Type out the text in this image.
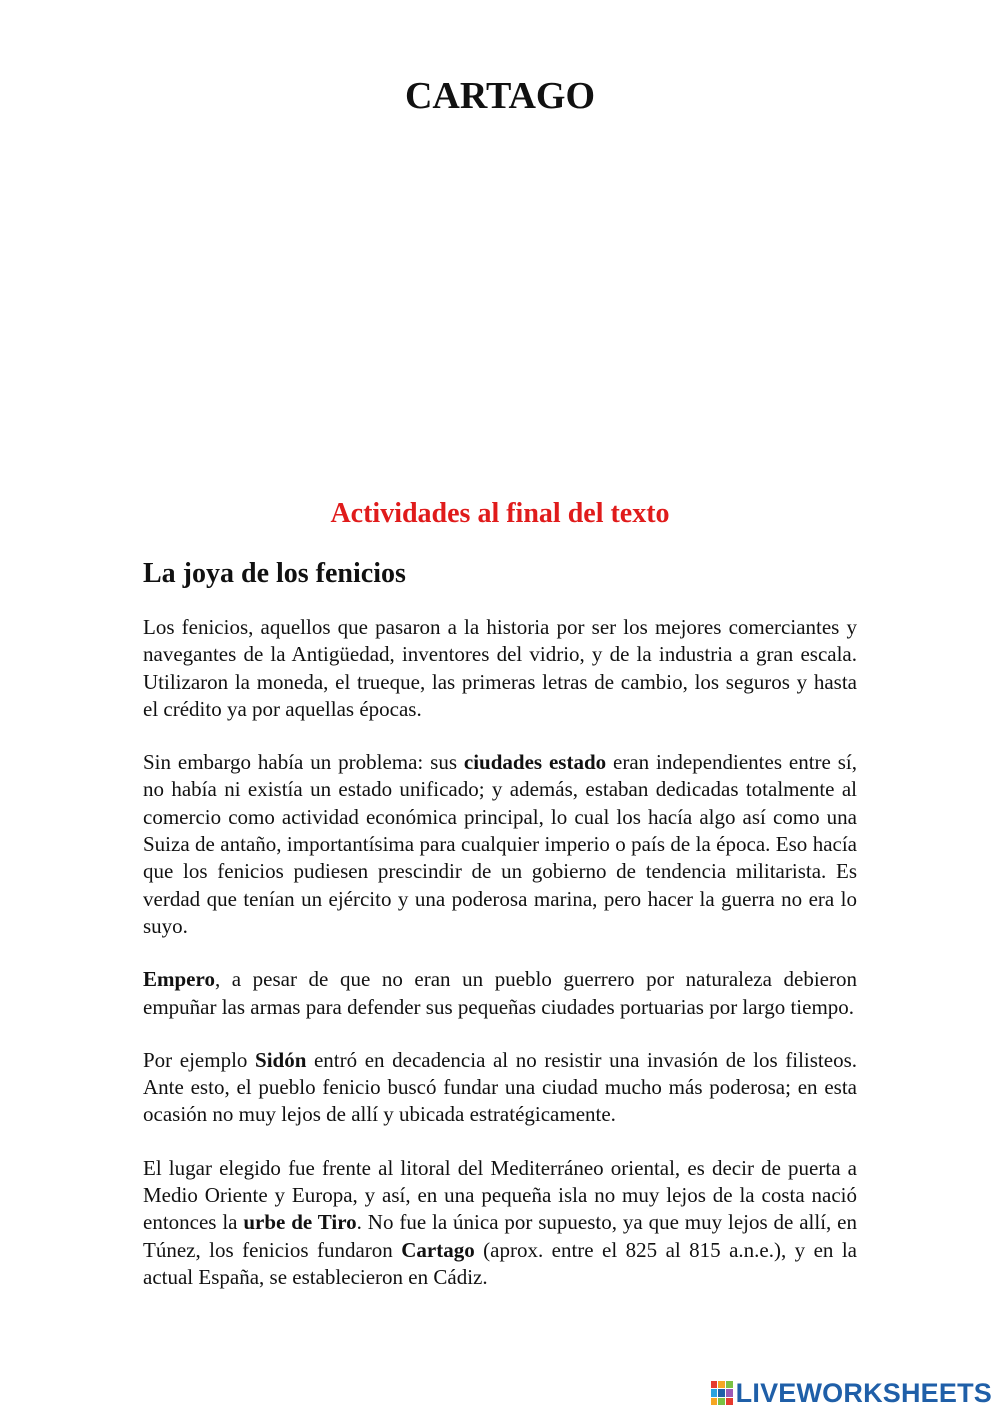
CARTAGO
Actividades al final del texto
La joya de los fenicios

Los fenicios, aquellos que pasaron a la historia por ser los mejores comerciantes y navegantes de la Antigüedad, inventores del vidrio, y de la industria a gran escala. Utilizaron la moneda, el trueque, las primeras letras de cambio, los seguros y hasta el crédito ya por aquellas épocas.

Sin embargo había un problema: sus ciudades estado eran independientes entre sí, no había ni existía un estado unificado; y además, estaban dedicadas totalmente al comercio como actividad económica principal, lo cual los hacía algo así como una Suiza de antaño, importantísima para cualquier imperio o país de la época. Eso hacía que los fenicios pudiesen prescindir de un gobierno de tendencia militarista. Es verdad que tenían un ejército y una poderosa marina, pero hacer la guerra no era lo suyo.

Empero, a pesar de que no eran un pueblo guerrero por naturaleza debieron empuñar las armas para defender sus pequeñas ciudades portuarias por largo tiempo.

Por ejemplo Sidón entró en decadencia al no resistir una invasión de los filisteos. Ante esto, el pueblo fenicio buscó fundar una ciudad mucho más poderosa; en esta ocasión no muy lejos de allí y ubicada estratégicamente.

El lugar elegido fue frente al litoral del Mediterráneo oriental, es decir de puerta a Medio Oriente y Europa, y así, en una pequeña isla no muy lejos de la costa nació entonces la urbe de Tiro. No fue la única por supuesto, ya que muy lejos de allí, en Túnez, los fenicios fundaron Cartago (aprox. entre el 825 al 815 a.n.e.), y en la actual España, se establecieron en Cádiz.

LIVEWORKSHEETS
